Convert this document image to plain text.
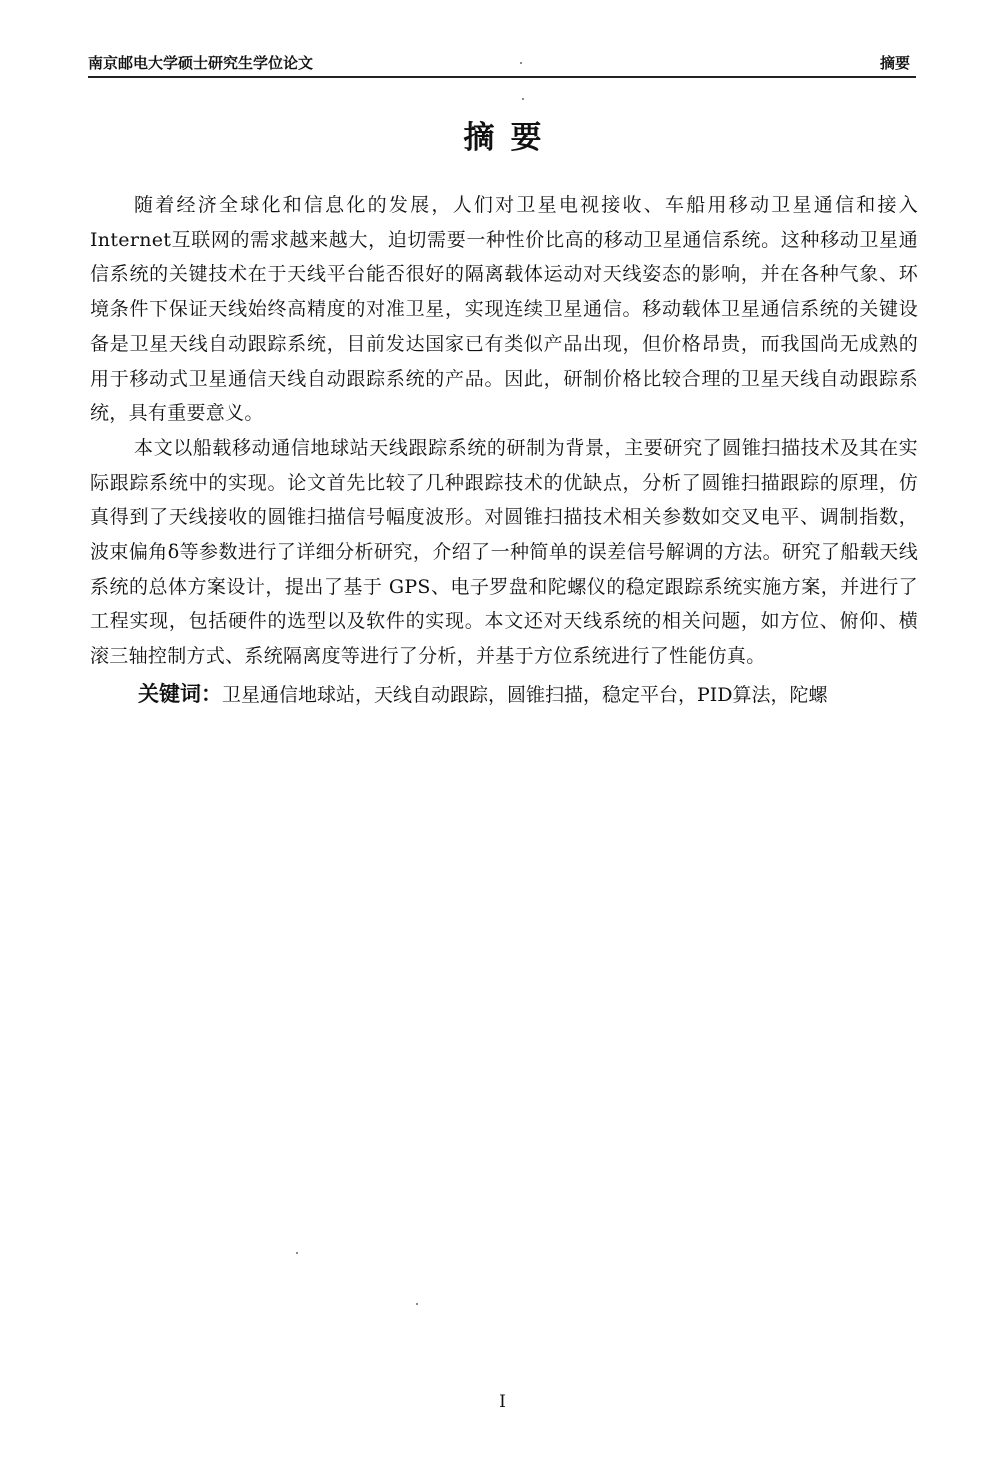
南京邮电大学硕士研究生学位论文	摘要
摘要

随着经济全球化和信息化的发展，人们对卫星电视接收、车船用移动卫星通信和接入Internet互联网的需求越来越大，迫切需要一种性价比高的移动卫星通信系统。这种移动卫星通信系统的关键技术在于天线平台能否很好的隔离载体运动对天线姿态的影响，并在各种气象、环境条件下保证天线始终高精度的对准卫星，实现连续卫星通信。移动载体卫星通信系统的关键设备是卫星天线自动跟踪系统，目前发达国家已有类似产品出现，但价格昂贵，而我国尚无成熟的用于移动式卫星通信天线自动跟踪系统的产品。因此，研制价格比较合理的卫星天线自动跟踪系统，具有重要意义。

本文以船载移动通信地球站天线跟踪系统的研制为背景，主要研究了圆锥扫描技术及其在实际跟踪系统中的实现。论文首先比较了几种跟踪技术的优缺点，分析了圆锥扫描跟踪的原理，仿真得到了天线接收的圆锥扫描信号幅度波形。对圆锥扫描技术相关参数如交叉电平、调制指数，波束偏角δ等参数进行了详细分析研究，介绍了一种简单的误差信号解调的方法。研究了船载天线系统的总体方案设计，提出了基于 GPS、电子罗盘和陀螺仪的稳定跟踪系统实施方案，并进行了工程实现，包括硬件的选型以及软件的实现。本文还对天线系统的相关问题，如方位、俯仰、横滚三轴控制方式、系统隔离度等进行了分析，并基于方位系统进行了性能仿真。

关键词：卫星通信地球站，天线自动跟踪，圆锥扫描，稳定平台，PID算法，陀螺

I
